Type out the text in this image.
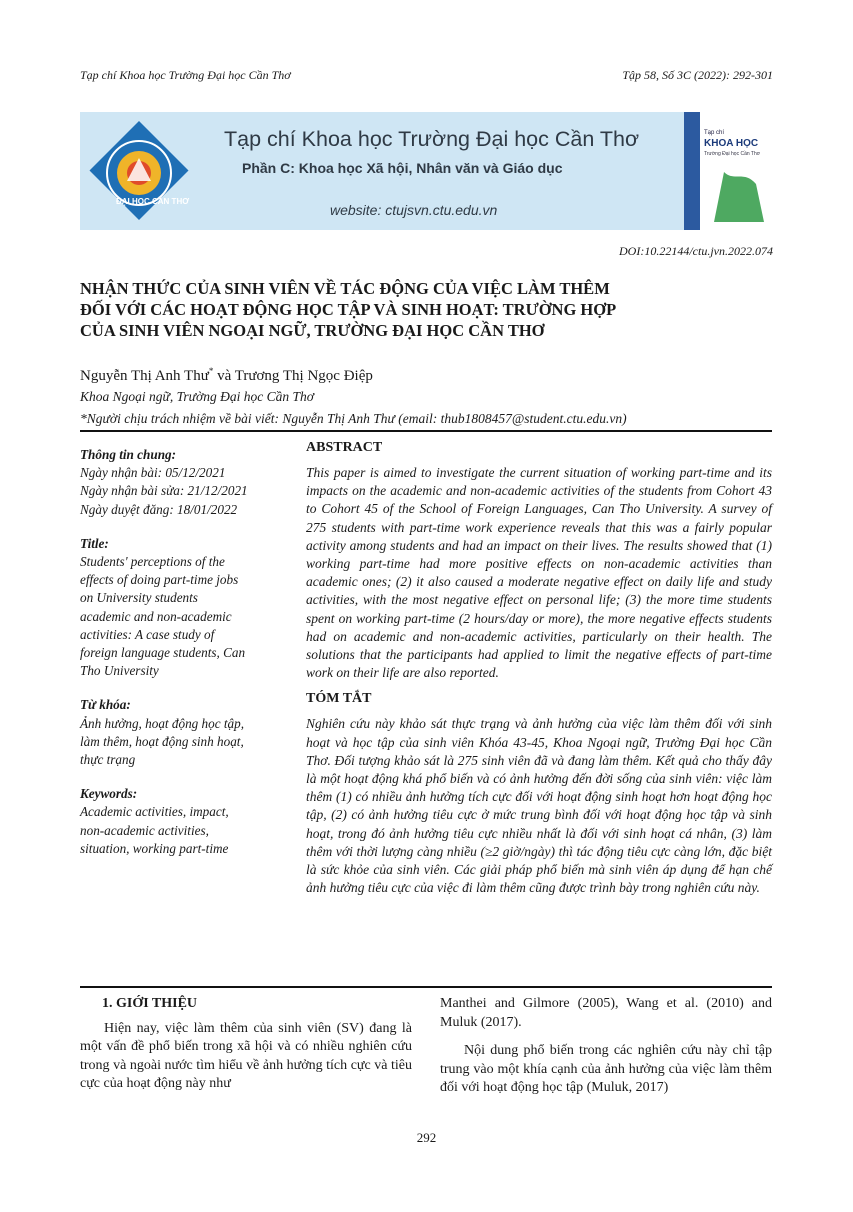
Tạp chí Khoa học Trường Đại học Cần Thơ	Tập 58, Số 3C (2022): 292-301
ĐẠI HỌC CẦN THƠ
Tạp chí Khoa học Trường Đại học Cần Thơ
Phần C: Khoa học Xã hội, Nhân văn và Giáo dục
website: ctujsvn.ctu.edu.vn
Tạp chí
KHOA HỌC
Trường Đại học Cần Thơ
DOI:10.22144/ctu.jvn.2022.074
NHẬN THỨC CỦA SINH VIÊN VỀ TÁC ĐỘNG CỦA VIỆC LÀM THÊM
ĐỐI VỚI CÁC HOẠT ĐỘNG HỌC TẬP VÀ SINH HOẠT: TRƯỜNG HỢP
CỦA SINH VIÊN NGOẠI NGỮ, TRƯỜNG ĐẠI HỌC CẦN THƠ
Nguyễn Thị Anh Thư* và Trương Thị Ngọc Điệp
Khoa Ngoại ngữ, Trường Đại học Cần Thơ
*Người chịu trách nhiệm về bài viết: Nguyễn Thị Anh Thư (email: thub1808457@student.ctu.edu.vn)
Thông tin chung:
Ngày nhận bài: 05/12/2021
Ngày nhận bài sửa: 21/12/2021
Ngày duyệt đăng: 18/01/2022
Title:
Students' perceptions of the
effects of doing part-time jobs
on University students
academic and non-academic
activities: A case study of
foreign language students, Can
Tho University
Từ khóa:
Ảnh hưởng, hoạt động học tập,
làm thêm, hoạt động sinh hoạt,
thực trạng
Keywords:
Academic activities, impact,
non-academic activities,
situation, working part-time
ABSTRACT

This paper is aimed to investigate the current situation of working part-time and its impacts on the academic and non-academic activities of the students from Cohort 43 to Cohort 45 of the School of Foreign Languages, Can Tho University. A survey of 275 students with part-time work experience reveals that this was a fairly popular activity among students and had an impact on their lives. The results showed that (1) working part-time had more positive effects on non-academic activities than academic ones; (2) it also caused a moderate negative effect on daily life and study activities, with the most negative effect on personal life; (3) the more time students spent on working part-time (2 hours/day or more), the more negative effects students had on academic and non-academic activities, particularly on their health. The solutions that the participants had applied to limit the negative effects of part-time work on their life are also reported.

TÓM TẮT

Nghiên cứu này khảo sát thực trạng và ảnh hưởng của việc làm thêm đối với sinh hoạt và học tập của sinh viên Khóa 43-45, Khoa Ngoại ngữ, Trường Đại học Cần Thơ. Đối tượng khảo sát là 275 sinh viên đã và đang làm thêm. Kết quả cho thấy đây là một hoạt động khá phổ biến và có ảnh hưởng đến đời sống của sinh viên: việc làm thêm (1) có nhiều ảnh hưởng tích cực đối với hoạt động sinh hoạt hơn hoạt động học tập, (2) có ảnh hưởng tiêu cực ở mức trung bình đối với hoạt động học tập và sinh hoạt, trong đó ảnh hưởng tiêu cực nhiều nhất là đối với sinh hoạt cá nhân, (3) làm thêm với thời lượng càng nhiều (≥2 giờ/ngày) thì tác động tiêu cực càng lớn, đặc biệt là sức khỏe của sinh viên. Các giải pháp phổ biến mà sinh viên áp dụng để hạn chế ảnh hưởng tiêu cực của việc đi làm thêm cũng được trình bày trong nghiên cứu này.

1. GIỚI THIỆU

Hiện nay, việc làm thêm của sinh viên (SV) đang là một vấn đề phổ biến trong xã hội và có nhiều nghiên cứu trong và ngoài nước tìm hiểu về ảnh hưởng tích cực và tiêu cực của hoạt động này như

Manthei and Gilmore (2005), Wang et al. (2010) and Muluk (2017).

Nội dung phổ biến trong các nghiên cứu này chỉ tập trung vào một khía cạnh của ảnh hưởng của việc làm thêm đối với hoạt động học tập (Muluk, 2017)

292
